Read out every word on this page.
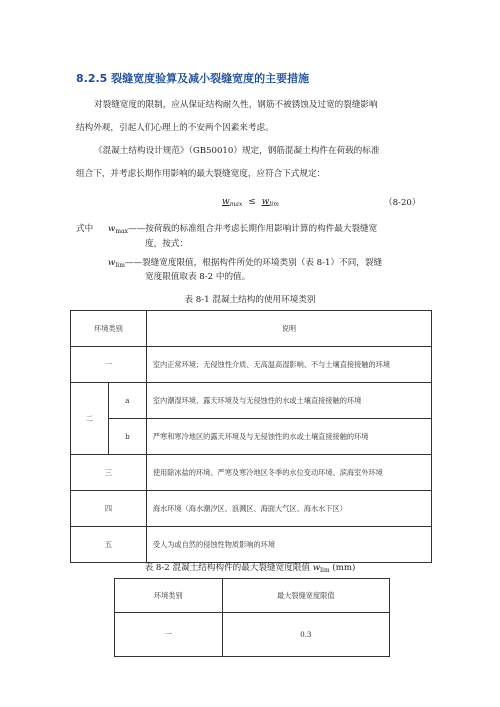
8.2.5 裂缝宽度验算及减小裂缝宽度的主要措施
对裂缝宽度的限制，应从保证结构耐久性，钢筋不被锈蚀及过宽的裂缝影响
结构外观，引起人们心理上的不安两个因素来考虑。
《混凝土结构设计规范》（GB50010）规定，钢筋混凝土构件在荷载的标准
组合下，并考虑长期作用影响的最大裂缝宽度，应符合下式规定：
$w_{max} \le w_{lim}$	（8-20）
式中 $w_{max}——$按荷载的标准组合并考虑长期作用影响计算的构件最大裂缝宽
度，按式：
$w_{lim}——$裂缝宽度限值，根据构件所处的环境类别（表 8-1）不同，裂缝
宽度限值取表 8-2 中的值。
表 8-1 混凝土结构的使用环境类别
环境类别		说明
一		室内正常环境；无侵蚀性介质、无高温高湿影响、不与土壤直接接触的环境
二	a	室内潮湿环境、露天环境及与无侵蚀性的水或土壤直接接触的环境
	b	严寒和寒冷地区的露天环境及与无侵蚀性的水或土壤直接接触的环境
三		使用除冰盐的环境、严寒及寒冷地区冬季的水位变动环境、滨海室外环境
四		海水环境（海水潮汐区、浪溅区、海面大气区、海水水下区）
五		受人为或自然的侵蚀性物质影响的环境
表 8-2 混凝土结构构件的最大裂缝宽度限值 $w_{lim}$ (mm)
环境类别	最大裂缝宽度限值
一	0.3
